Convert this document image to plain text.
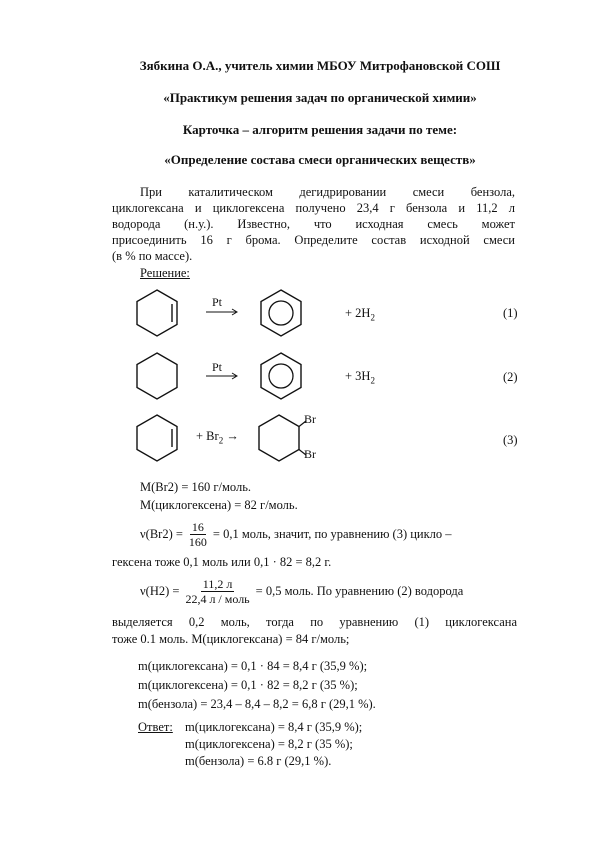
Зябкина О.А., учитель химии МБОУ Митрофановской СОШ
«Практикум решения задач по органической химии»
Карточка – алгоритм решения задачи по теме:
«Определение состава смеси органических веществ»
При каталитическом дегидрировании смеси бензола,
циклогексана и циклогексена получено 23,4 г бензола и 11,2 л
водорода (н.у.). Известно, что исходная смесь может
присоединить 16 г брома. Определите состав исходной смеси
(в % по массе).
Решение:
Pt
+ $2H_2$	(1)
Pt
+ $3H_2$	(2)
+ $Br_2$ →
Br
Br
(3)
M(Br2) = 160 г/моль.
M(циклогексена) = 82 г/моль.
$\nu(Br2) = \frac{16}{160} = 0,1$ моль, значит, по уравнению (3) цикло –
гексена тоже 0,1 моль или 0,1 · 82 = 8,2 г.
$\nu(H2) = \frac{11,2 л}{\text{22,4 л / моль}} = 0,5$ моль. По уравнению (2) водорода
выделяется 0,2 моль, тогда по уравнению (1) циклогексана
тоже 0.1 моль. M(циклогексана) = 84 г/моль;
m(циклогексана) = 0,1 · 84 = 8,4 г (35,9 %);
m(циклогексена) = 0,1 · 82 = 8,2 г (35 %);
m(бензола) = 23,4 – 8,4 – 8,2 = 6,8 г (29,1 %).
Ответ: m(циклогексана) = 8,4 г (35,9 %);
m(циклогексена) = 8,2 г (35 %);
m(бензола) = 6.8 г (29,1 %).
